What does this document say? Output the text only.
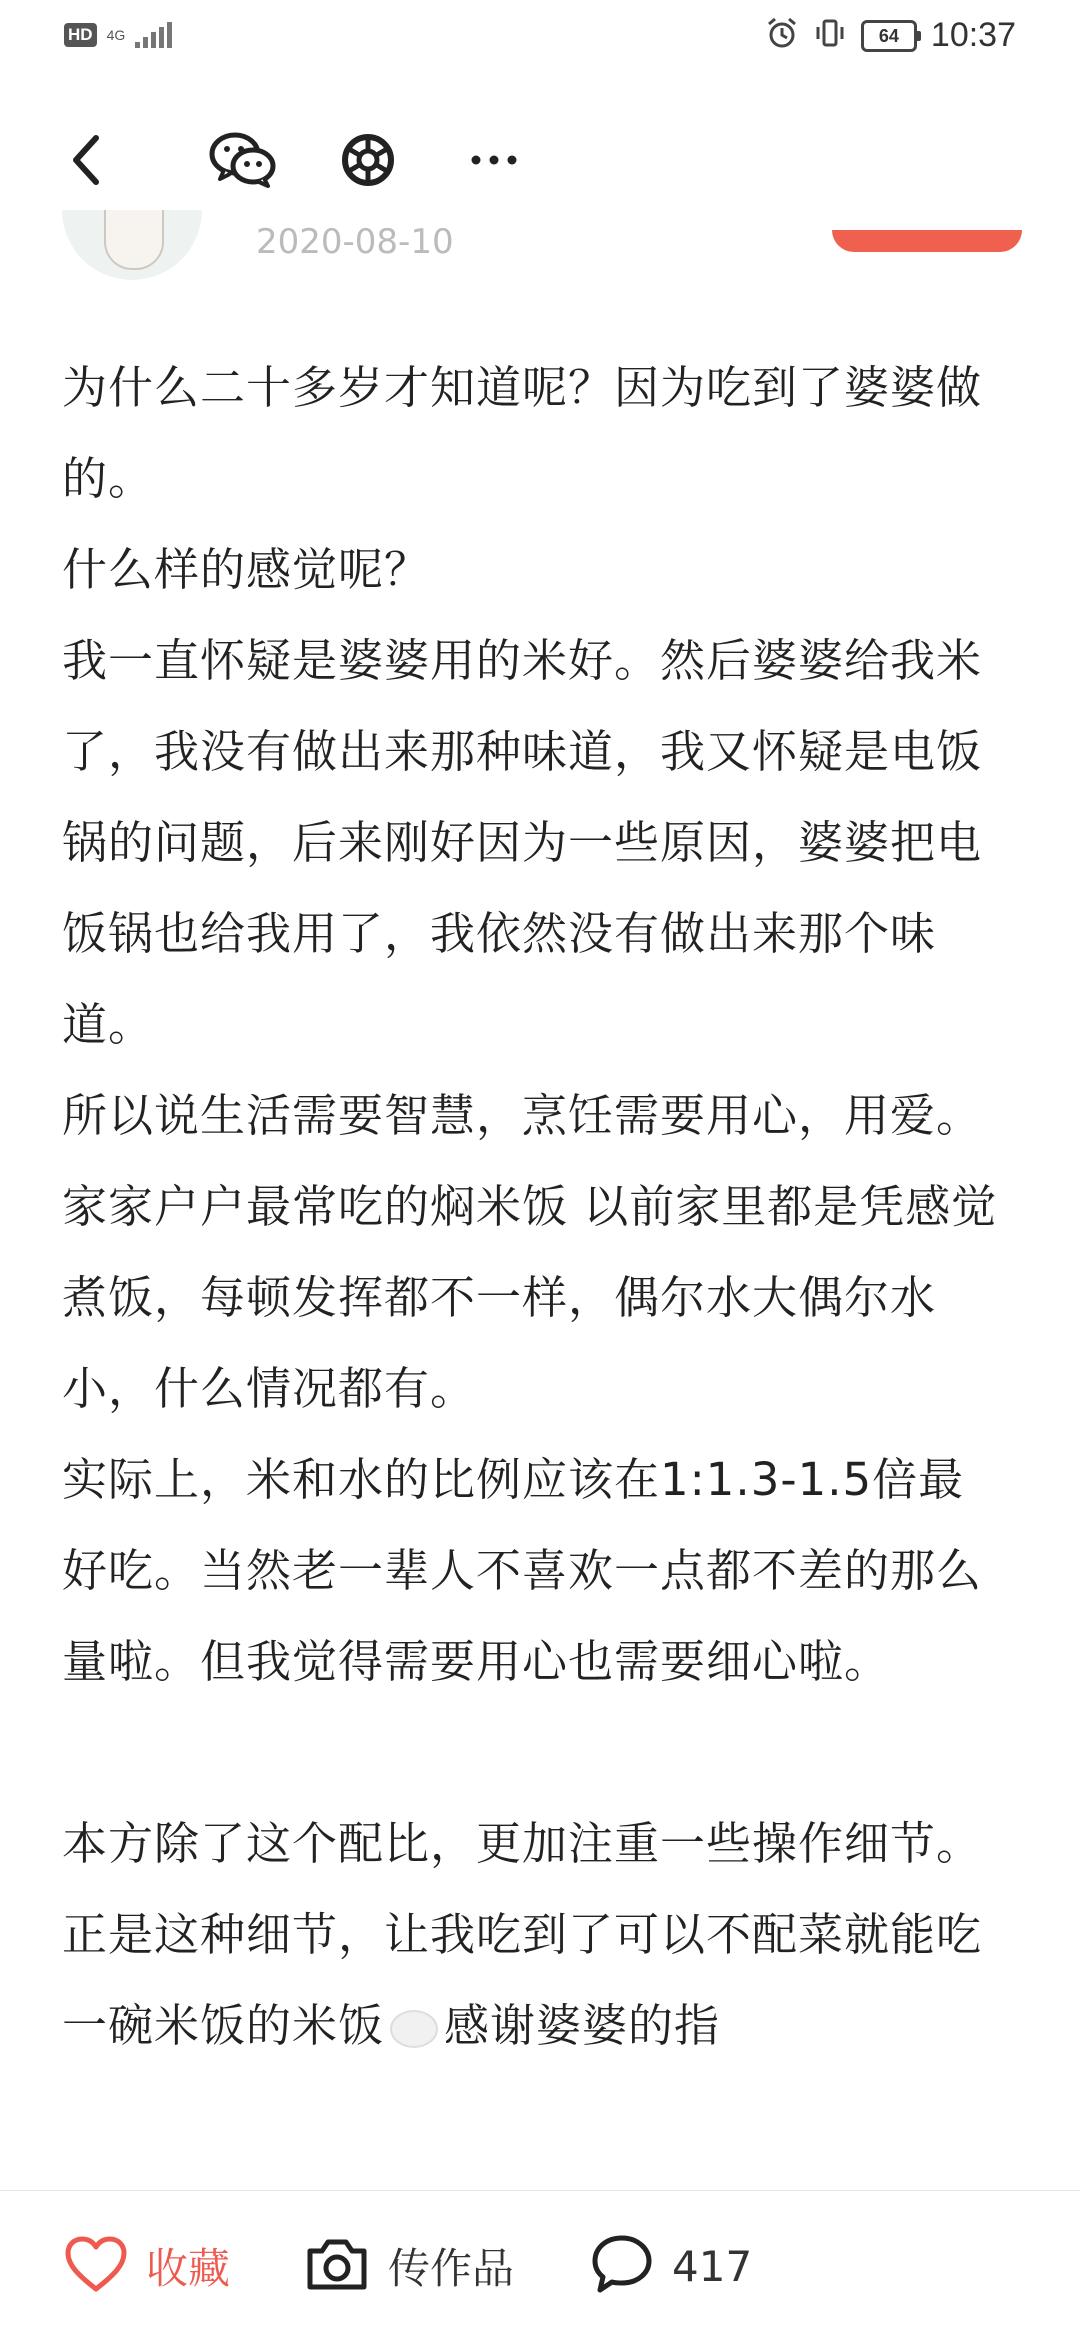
HD 4G	64 10:37
2020-08-10

为什么二十多岁才知道呢？因为吃到了婆婆做的。

什么样的感觉呢？

我一直怀疑是婆婆用的米好。然后婆婆给我米了，我没有做出来那种味道，我又怀疑是电饭锅的问题，后来刚好因为一些原因，婆婆把电饭锅也给我用了，我依然没有做出来那个味道。

所以说生活需要智慧，烹饪需要用心，用爱。

家家户户最常吃的焖米饭 以前家里都是凭感觉煮饭，每顿发挥都不一样，偶尔水大偶尔水小，什么情况都有。

实际上，米和水的比例应该在1:1.3-1.5倍最好吃。当然老一辈人不喜欢一点都不差的那么量啦。但我觉得需要用心也需要细心啦。

本方除了这个配比，更加注重一些操作细节。正是这种细节，让我吃到了可以不配菜就能吃一碗米饭的米饭 感谢婆婆的指

收藏	传作品	417
